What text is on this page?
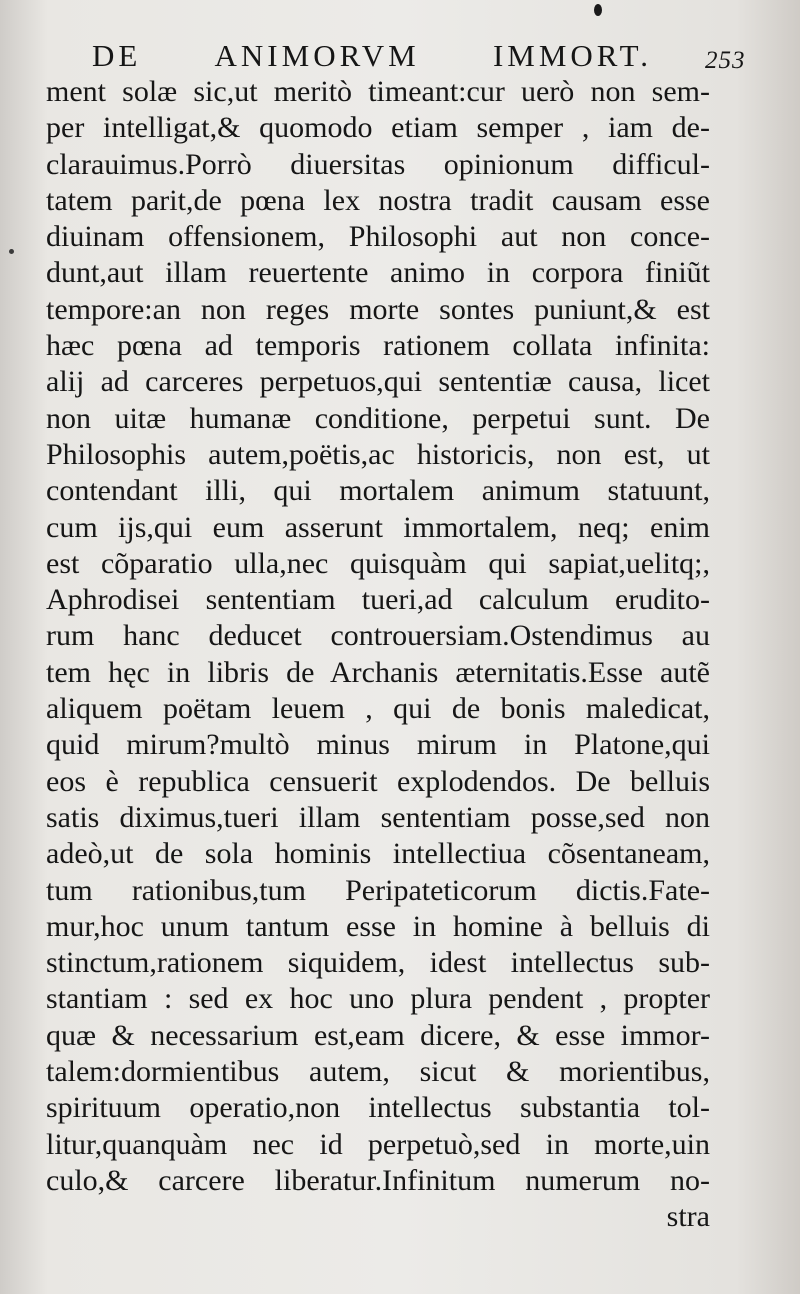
DE ANIMORVM IMMORT. 253
ment solæ sic,ut meritò timeant:cur uerò non sem-
per intelligat,& quomodo etiam semper , iam de-
clarauimus.Porrò diuersitas opinionum difficul-
tatem parit,de pœna lex nostra tradit causam esse
diuinam offensionem, Philosophi aut non conce-
dunt,aut illam reuertente animo in corpora finiũt
tempore:an non reges morte sontes puniunt,& est
hæc pœna ad temporis rationem collata infinita:
alij ad carceres perpetuos,qui sententiæ causa, licet
non uitæ humanæ conditione, perpetui sunt. De
Philosophis autem,poëtis,ac historicis, non est, ut
contendant illi, qui mortalem animum statuunt,
cum ijs,qui eum asserunt immortalem, neq; enim
est cõparatio ulla,nec quisquàm qui sapiat,uelitq;,
Aphrodisei sententiam tueri,ad calculum erudito-
rum hanc deducet controuersiam.Ostendimus au
tem hęc in libris de Archanis æternitatis.Esse autẽ
aliquem poëtam leuem , qui de bonis maledicat,
quid mirum?multò minus mirum in Platone,qui
eos è republica censuerit explodendos. De belluis
satis diximus,tueri illam sententiam posse,sed non
adeò,ut de sola hominis intellectiua cõsentaneam,
tum rationibus,tum Peripateticorum dictis.Fate-
mur,hoc unum tantum esse in homine à belluis di
stinctum,rationem siquidem, idest intellectus sub-
stantiam : sed ex hoc uno plura pendent , propter
quæ & necessarium est,eam dicere, & esse immor-
talem:dormientibus autem, sicut & morientibus,
spirituum operatio,non intellectus substantia tol-
litur,quanquàm nec id perpetuò,sed in morte,uin
culo,& carcere liberatur.Infinitum numerum no-
stra
